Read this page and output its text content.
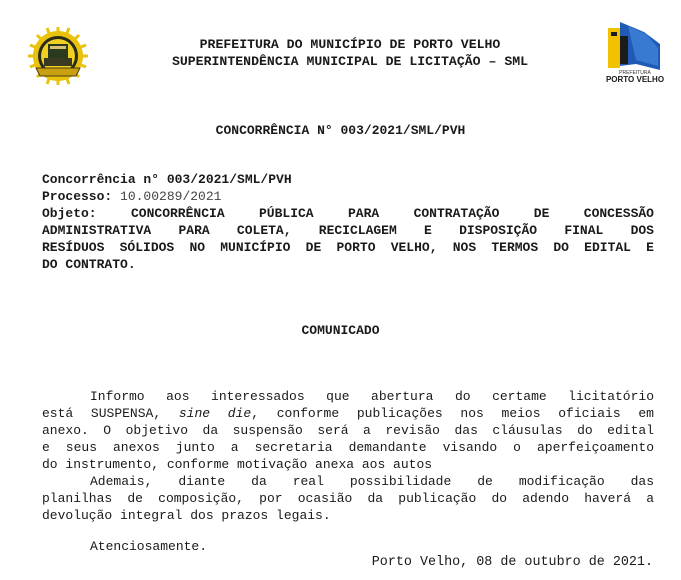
PREFEITURA
PORTO VELHO
PREFEITURA DO MUNICÍPIO DE PORTO VELHO
SUPERINTENDÊNCIA MUNICIPAL DE LICITAÇÃO – SML
CONCORRÊNCIA N° 003/2021/SML/PVH
Concorrência n° 003/2021/SML/PVH
Processo: 10.00289/2021
Objeto:	CONCORRÊNCIA PÚBLICA PARA CONTRATAÇÃO DE CONCESSÃO
ADMINISTRATIVA PARA COLETA, RECICLAGEM E DISPOSIÇÃO FINAL DOS
RESÍDUOS SÓLIDOS NO MUNICÍPIO DE PORTO VELHO, NOS TERMOS DO EDITAL E
DO CONTRATO.
COMUNICADO
Informo aos interessados que abertura do certame licitatório
está SUSPENSA, sine die, conforme publicações nos meios oficiais em
anexo. O objetivo da suspensão será a revisão das cláusulas do edital
e seus anexos junto a secretaria demandante visando o aperfeiçoamento
do instrumento, conforme motivação anexa aos autos
Ademais, diante da real possibilidade de modificação das
planilhas de composição, por ocasião da publicação do adendo haverá a
devolução integral dos prazos legais.
Atenciosamente.
Porto Velho, 08 de outubro de 2021.
